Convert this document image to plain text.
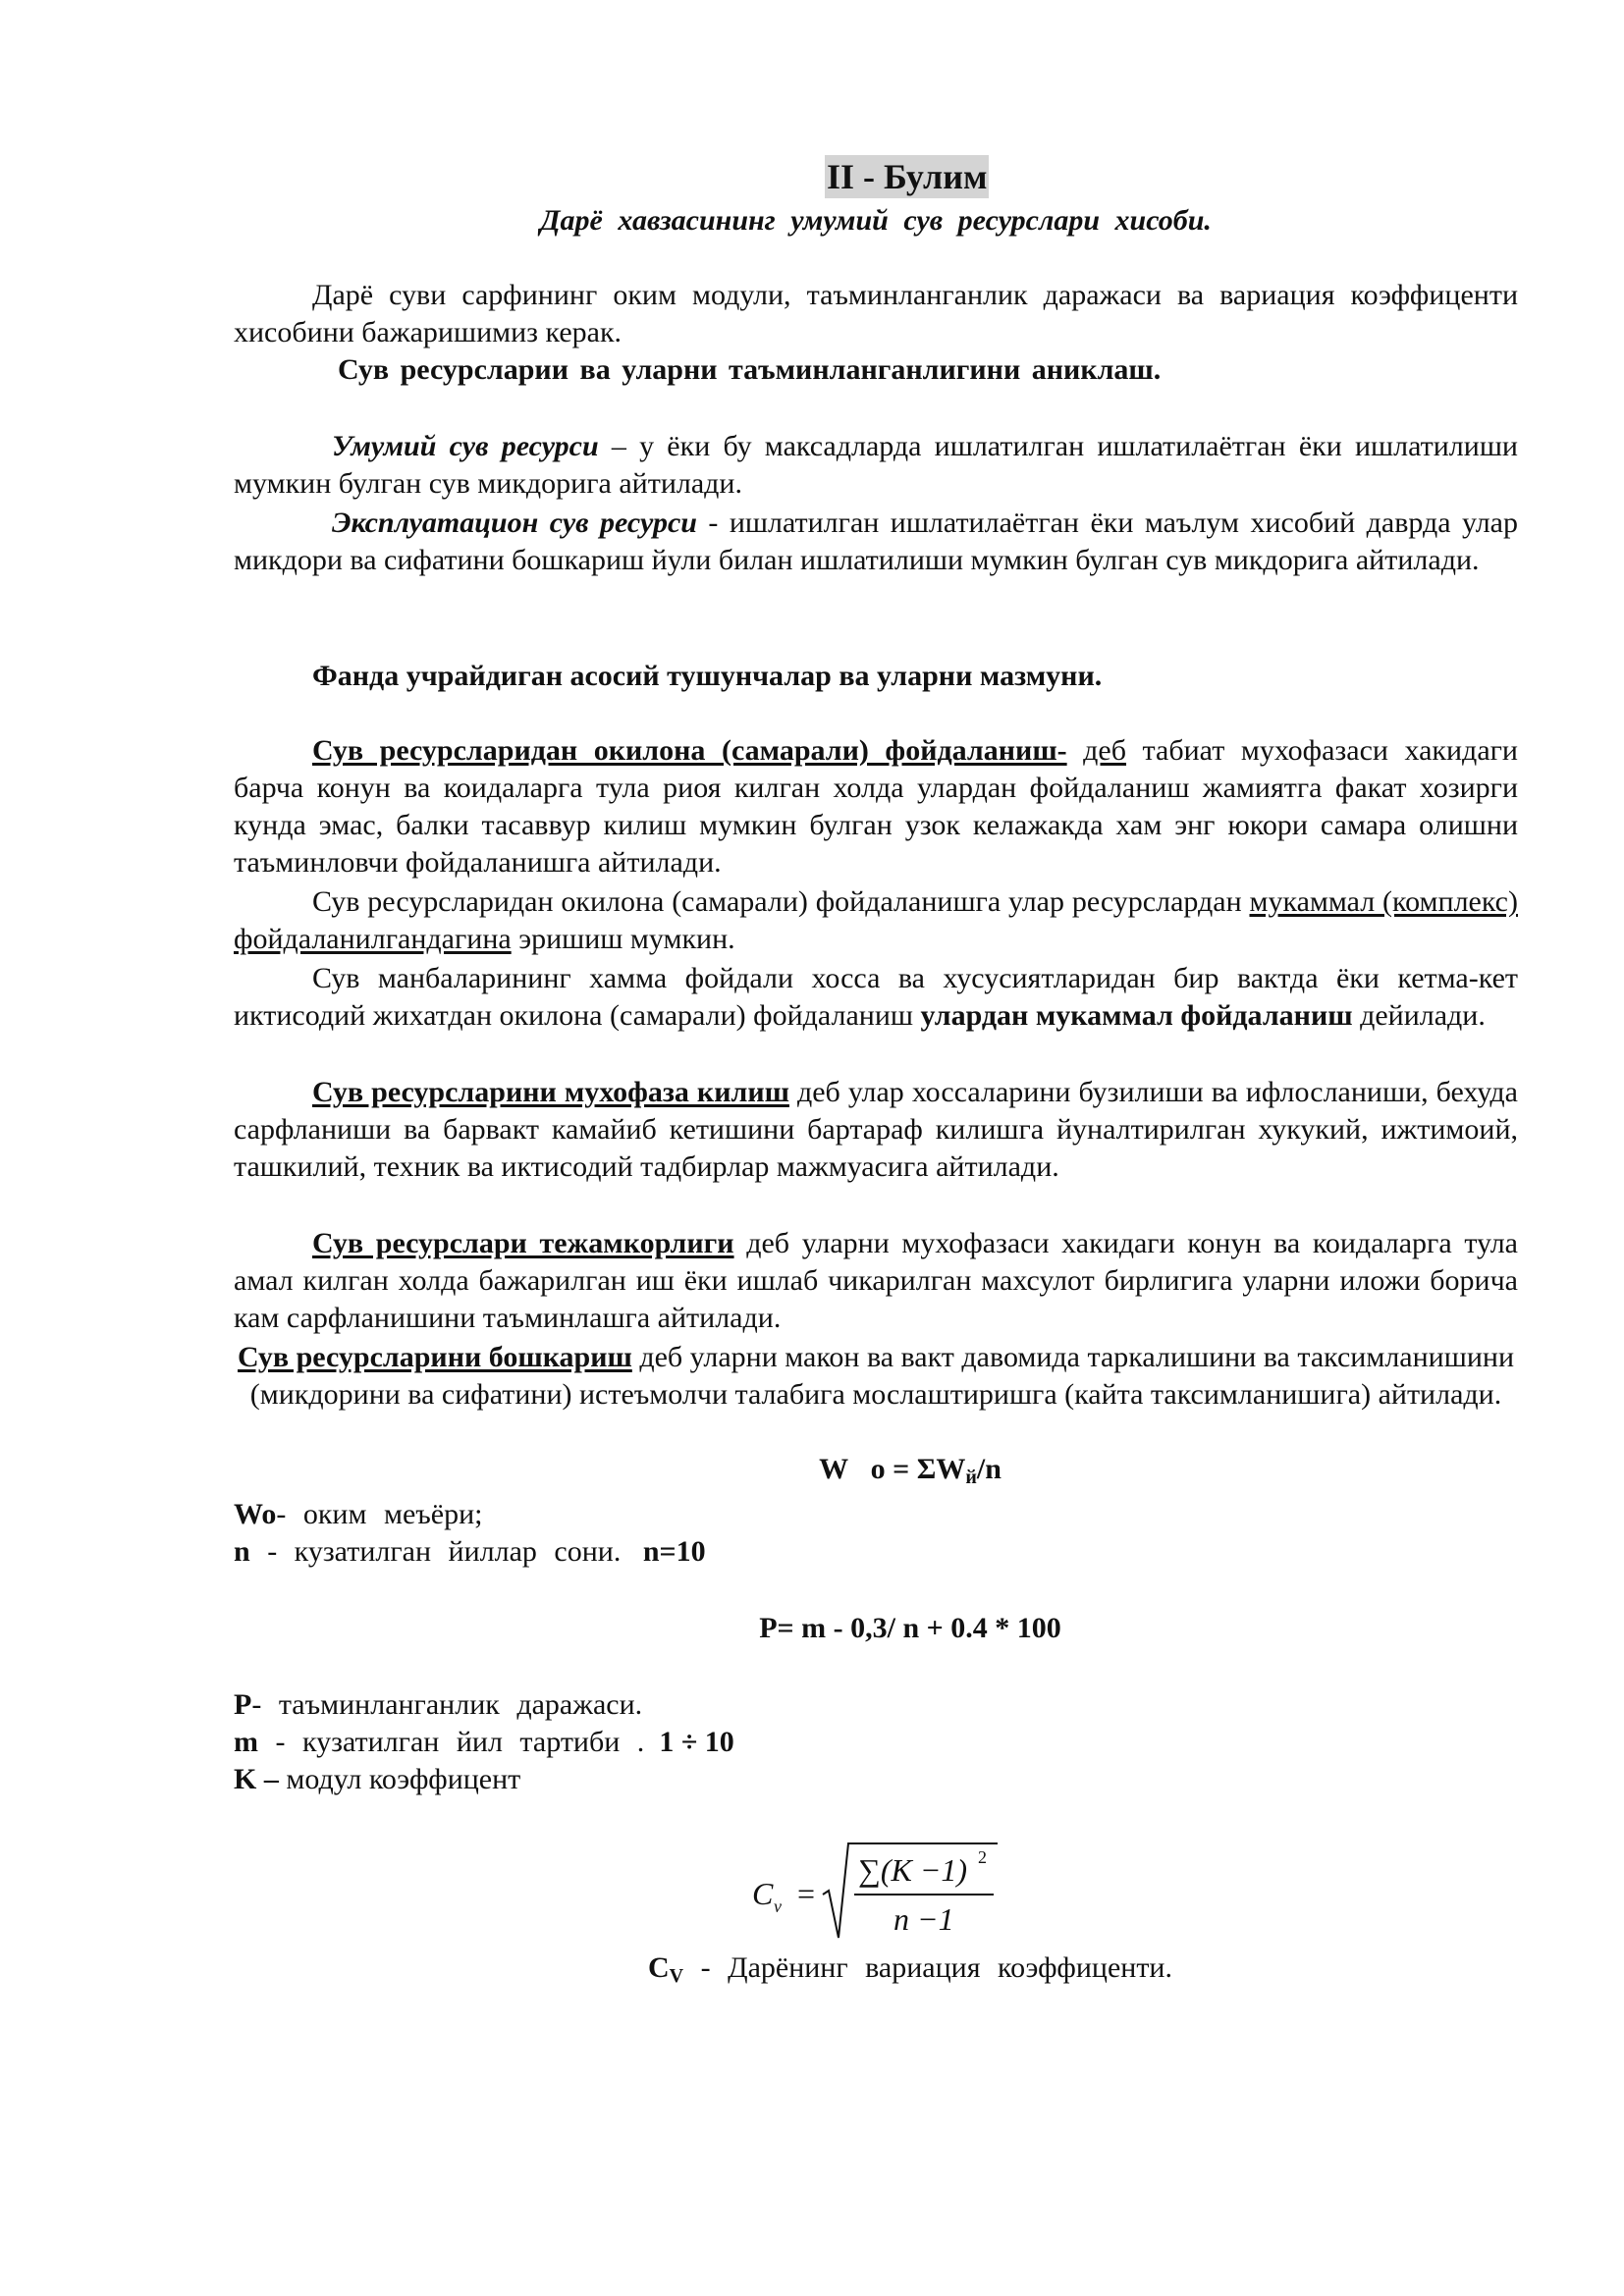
II - Булим

Дарё хавзасининг умумий сув ресурслари хисоби.

Дарё суви сарфининг оким модули, таъминланганлик даражаси ва вариация коэффиценти хисобини бажаришимиз керак.

Сув ресурсларии ва уларни таъминланганлигини аниклаш.

Умумий сув ресурси – у ёки бу максадларда ишлатилган ишлатилаётган ёки ишлатилиши мумкин булган сув микдорига айтилади.

Эксплуатацион сув ресурси - ишлатилган ишлатилаётган ёки маълум хисобий даврда улар микдори ва сифатини бошкариш йули билан ишлатилиши мумкин булган сув микдорига айтилади.

Фанда учрайдиган асосий тушунчалар ва уларни мазмуни.

Сув ресурсларидан окилона (самарали) фойдаланиш- деб табиат мухофазаси хакидаги барча конун ва коидаларга тула риоя килган холда улардан фойдаланиш жамиятга факат хозирги кунда эмас, балки тасаввур килиш мумкин булган узок келажакда хам энг юкори самара олишни таъминловчи фойдаланишга айтилади.

Сув ресурсларидан окилона (самарали) фойдаланишга улар ресурслардан мукаммал (комплекс) фойдаланилгандагина эришиш мумкин.

Сув манбаларининг хамма фойдали хосса ва хусусиятларидан бир вактда ёки кетма-кет иктисодий жихатдан окилона (самарали) фойдаланиш улардан мукаммал фойдаланиш дейилади.

Сув ресурсларини мухофаза килиш деб улар хоссаларини бузилиши ва ифлосланиши, бехуда сарфланиши ва барвакт камайиб кетишини бартараф килишга йуналтирилган хукукий, ижтимоий, ташкилий, техник ва иктисодий тадбирлар мажмуасига айтилади.

Сув ресурслари тежамкорлиги деб уларни мухофазаси хакидаги конун ва коидаларга тула амал килган холда бажарилган иш ёки ишлаб чикарилган махсулот бирлигига уларни иложи борича кам сарфланишини таъминлашга айтилади.

Сув ресурсларини бошкариш деб уларни макон ва вакт давомида таркалишини ва таксимланишини (микдорини ва сифатини) истеъмолчи талабига мослаштиришга (кайта таксимланишига) айтилади.

W $o = \Sigma W_й/n$

Wo- оким меъёри;

n - кузатилган йиллар сони. n=10

P= m - 0,3/ n + 0.4 * 100

P- таъминланганлик даражаси.

m - кузатилган йил тартиби . 1 ÷ 10

K – модул коэффицент

C v =
∑(K −1) 2
n −1

$C_V$ - Дарёнинг вариация коэффиценти.
